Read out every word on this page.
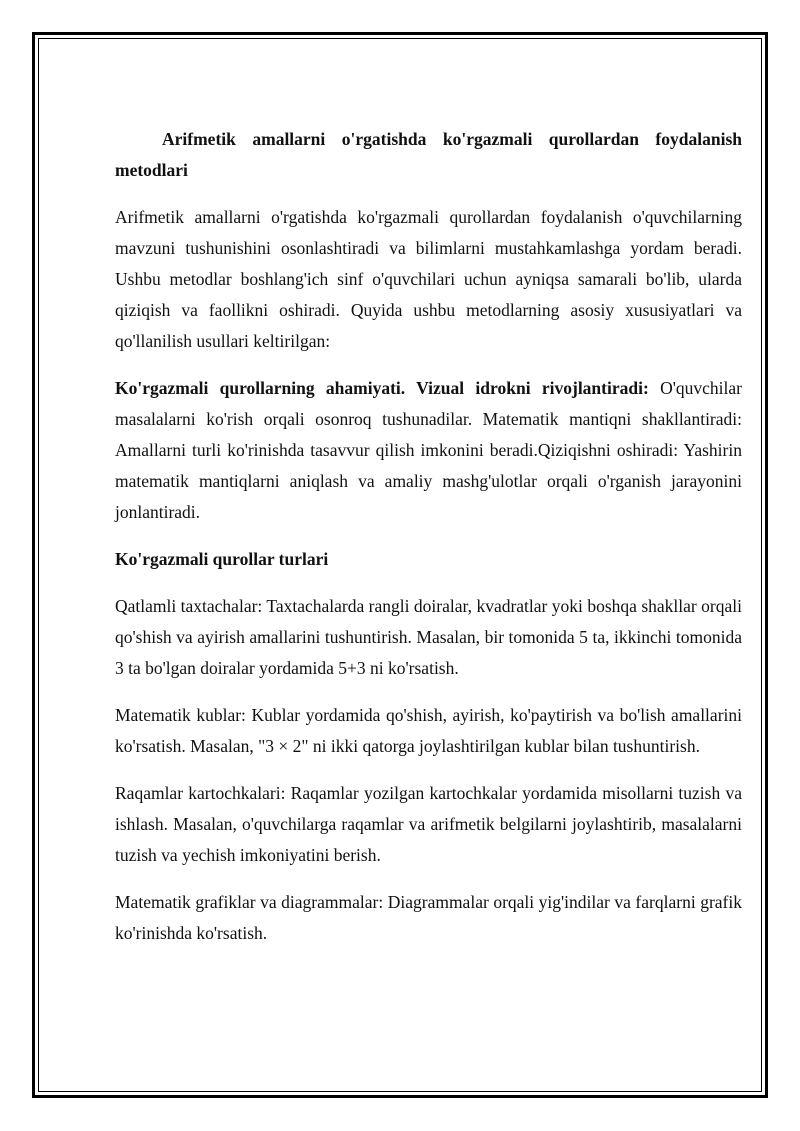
Arifmetik amallarni o'rgatishda ko'rgazmali qurollardan foydalanish metodlari

Arifmetik amallarni o'rgatishda ko'rgazmali qurollardan foydalanish o'quvchilarning mavzuni tushunishini osonlashtiradi va bilimlarni mustahkamlashga yordam beradi. Ushbu metodlar boshlang'ich sinf o'quvchilari uchun ayniqsa samarali bo'lib, ularda qiziqish va faollikni oshiradi. Quyida ushbu metodlarning asosiy xususiyatlari va qo'llanilish usullari keltirilgan:

Ko'rgazmali qurollarning ahamiyati. Vizual idrokni rivojlantiradi: O'quvchilar masalalarni ko'rish orqali osonroq tushunadilar. Matematik mantiqni shakllantiradi: Amallarni turli ko'rinishda tasavvur qilish imkonini beradi.Qiziqishni oshiradi: Yashirin matematik mantiqlarni aniqlash va amaliy mashg'ulotlar orqali o'rganish jarayonini jonlantiradi.

Ko'rgazmali qurollar turlari

Qatlamli taxtachalar: Taxtachalarda rangli doiralar, kvadratlar yoki boshqa shakllar orqali qo'shish va ayirish amallarini tushuntirish. Masalan, bir tomonida 5 ta, ikkinchi tomonida 3 ta bo'lgan doiralar yordamida 5+3 ni ko'rsatish.

Matematik kublar: Kublar yordamida qo'shish, ayirish, ko'paytirish va bo'lish amallarini ko'rsatish. Masalan, "3 × 2" ni ikki qatorga joylashtirilgan kublar bilan tushuntirish.

Raqamlar kartochkalari: Raqamlar yozilgan kartochkalar yordamida misollarni tuzish va ishlash. Masalan, o'quvchilarga raqamlar va arifmetik belgilarni joylashtirib, masalalarni tuzish va yechish imkoniyatini berish.

Matematik grafiklar va diagrammalar: Diagrammalar orqali yig'indilar va farqlarni grafik ko'rinishda ko'rsatish.
